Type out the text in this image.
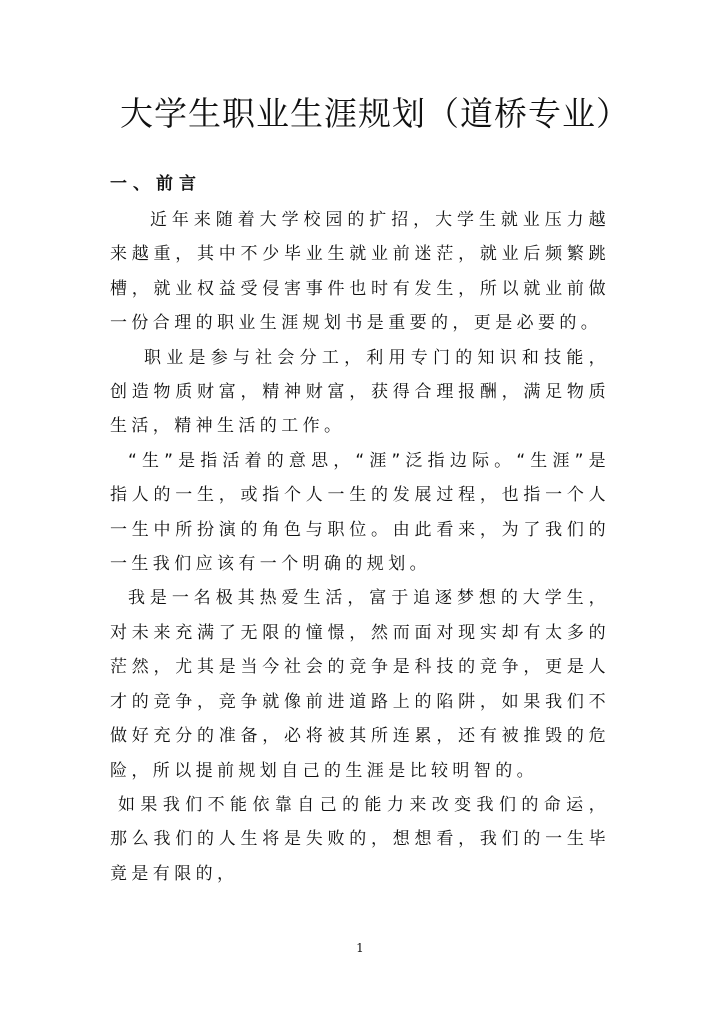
大学生职业生涯规划（道桥专业）
一、前言

近年来随着大学校园的扩招，大学生就业压力越来越重，其中不少毕业生就业前迷茫，就业后频繁跳槽，就业权益受侵害事件也时有发生，所以就业前做一份合理的职业生涯规划书是重要的，更是必要的。

职业是参与社会分工，利用专门的知识和技能，创造物质财富，精神财富，获得合理报酬，满足物质生活，精神生活的工作。

“生”是指活着的意思，“涯”泛指边际。“生涯”是指人的一生，或指个人一生的发展过程，也指一个人一生中所扮演的角色与职位。由此看来，为了我们的一生我们应该有一个明确的规划。

我是一名极其热爱生活，富于追逐梦想的大学生，对未来充满了无限的憧憬，然而面对现实却有太多的茫然，尤其是当今社会的竞争是科技的竞争，更是人才的竞争，竞争就像前进道路上的陷阱，如果我们不做好充分的准备，必将被其所连累，还有被推毁的危险，所以提前规划自己的生涯是比较明智的。

如果我们不能依靠自己的能力来改变我们的命运，那么我们的人生将是失败的，想想看，我们的一生毕竟是有限的，

1
